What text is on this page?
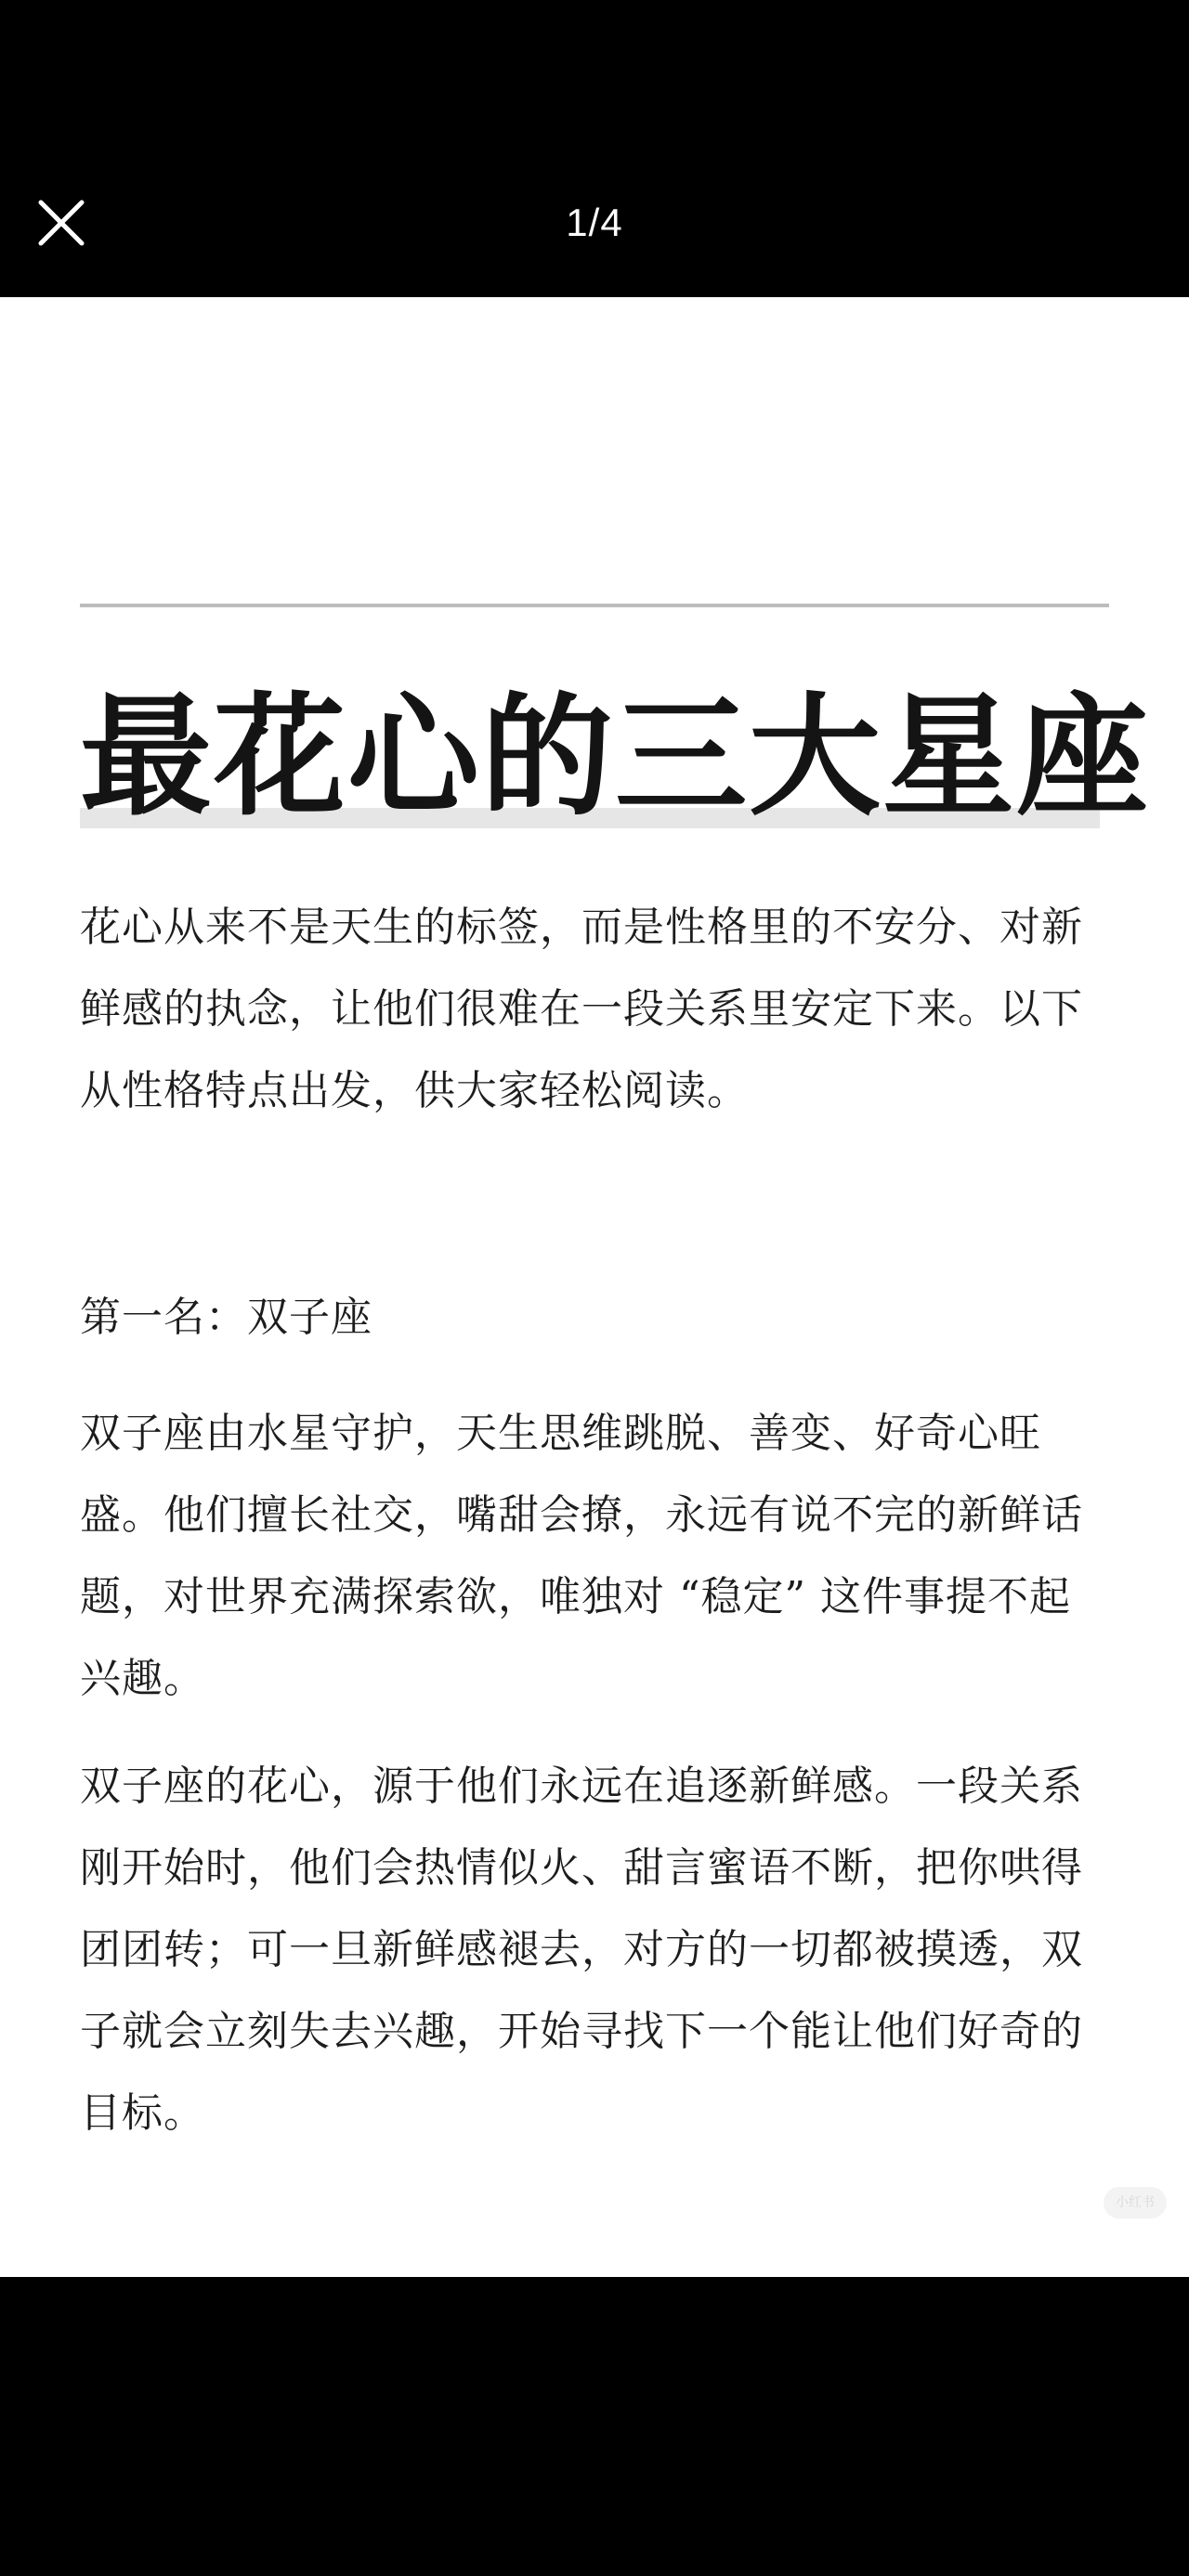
1/4
最花心的三大星座

花心从来不是天生的标签，而是性格里的不安分、对新鲜感的执念，让他们很难在一段关系里安定下来。以下从性格特点出发，供大家轻松阅读。

第一名：双子座

双子座由水星守护，天生思维跳脱、善变、好奇心旺盛。他们擅长社交，嘴甜会撩，永远有说不完的新鲜话题，对世界充满探索欲，唯独对 “稳定” 这件事提不起兴趣。

双子座的花心，源于他们永远在追逐新鲜感。一段关系刚开始时，他们会热情似火、甜言蜜语不断，把你哄得团团转；可一旦新鲜感褪去，对方的一切都被摸透，双子就会立刻失去兴趣，开始寻找下一个能让他们好奇的目标。

小红书
